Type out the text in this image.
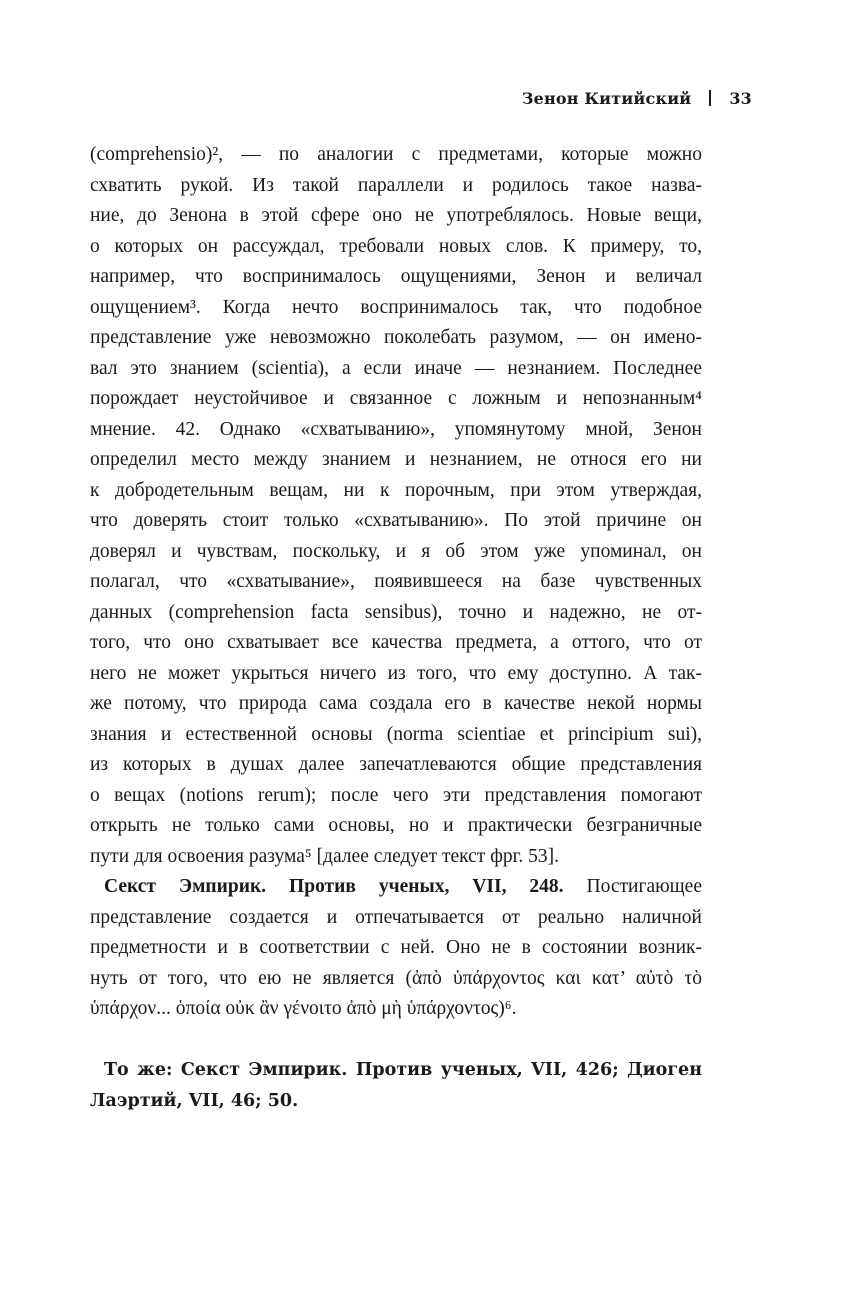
Зенон Китийский 33
(comprehensio)², — по аналогии с предметами, которые можно
схватить рукой. Из такой параллели и родилось такое назва-
ние, до Зенона в этой сфере оно не употреблялось. Новые вещи,
о которых он рассуждал, требовали новых слов. К примеру, то,
например, что воспринималось ощущениями, Зенон и величал
ощущением³. Когда нечто воспринималось так, что подобное
представление уже невозможно поколебать разумом, — он имено-
вал это знанием (scientia), а если иначе — незнанием. Последнее
порождает неустойчивое и связанное с ложным и непознанным⁴
мнение. 42. Однако «схватыванию», упомянутому мной, Зенон
определил место между знанием и незнанием, не относя его ни
к добродетельным вещам, ни к порочным, при этом утверждая,
что доверять стоит только «схватыванию». По этой причине он
доверял и чувствам, поскольку, и я об этом уже упоминал, он
полагал, что «схватывание», появившееся на базе чувственных
данных (comprehension facta sensibus), точно и надежно, не от-
того, что оно схватывает все качества предмета, а оттого, что от
него не может укрыться ничего из того, что ему доступно. А так-
же потому, что природа сама создала его в качестве некой нормы
знания и естественной основы (norma scientiae et principium sui),
из которых в душах далее запечатлеваются общие представления
о вещах (notions rerum); после чего эти представления помогают
открыть не только сами основы, но и практически безграничные
пути для освоения разума⁵ [далее следует текст фрг. 53].
Секст Эмпирик. Против ученых, VII, 248. Постигающее
представление создается и отпечатывается от реально наличной
предметности и в соответствии с ней. Оно не в состоянии возник-
нуть от того, что ею не является (ἀπὸ ὑπάρχοντος και κατ’ αὐτὸ τὸ
ὑπάρχον... ὁποία οὐκ ἂν γένοιτο ἀπὸ μὴ ὑπάρχοντος)⁶.
То же: Секст Эмпирик. Против ученых, VII, 426; Диоген
Лаэртий, VII, 46; 50.
